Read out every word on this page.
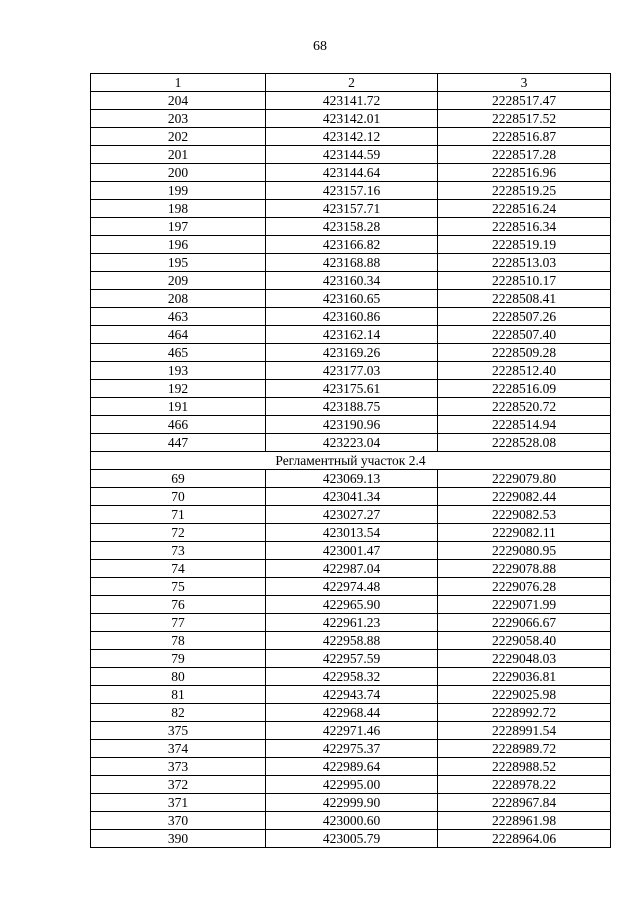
68
1	2	3
204	423141.72	2228517.47
203	423142.01	2228517.52
202	423142.12	2228516.87
201	423144.59	2228517.28
200	423144.64	2228516.96
199	423157.16	2228519.25
198	423157.71	2228516.24
197	423158.28	2228516.34
196	423166.82	2228519.19
195	423168.88	2228513.03
209	423160.34	2228510.17
208	423160.65	2228508.41
463	423160.86	2228507.26
464	423162.14	2228507.40
465	423169.26	2228509.28
193	423177.03	2228512.40
192	423175.61	2228516.09
191	423188.75	2228520.72
466	423190.96	2228514.94
447	423223.04	2228528.08
Регламентный участок 2.4		
69	423069.13	2229079.80
70	423041.34	2229082.44
71	423027.27	2229082.53
72	423013.54	2229082.11
73	423001.47	2229080.95
74	422987.04	2229078.88
75	422974.48	2229076.28
76	422965.90	2229071.99
77	422961.23	2229066.67
78	422958.88	2229058.40
79	422957.59	2229048.03
80	422958.32	2229036.81
81	422943.74	2229025.98
82	422968.44	2228992.72
375	422971.46	2228991.54
374	422975.37	2228989.72
373	422989.64	2228988.52
372	422995.00	2228978.22
371	422999.90	2228967.84
370	423000.60	2228961.98
390	423005.79	2228964.06
